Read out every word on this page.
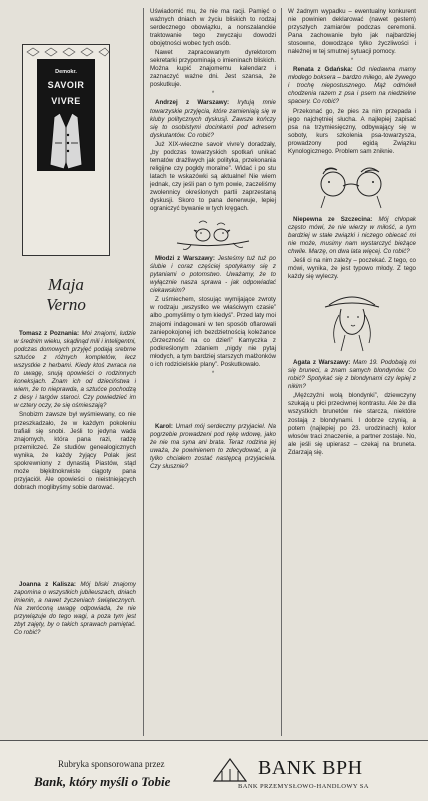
Demokr.
SAVOIR
VIVRE
Maja Verno

Tomasz z Poznania: Moi znajomi, ludzie w średnim wieku, skądinąd mili i inteligentni, podczas domowych przyjęć podają srebrne sztućce z różnych kompletów, lecz wszystkie z herbami. Kiedy ktoś zwraca na to uwagę, snują opowieści o rodzinnych koneksjach. Znam ich od dzieciństwa i wiem, że to nieprawda, a sztućce pochodzą z desy i targów staroci. Czy powiedzieć im w cztery oczy, że się ośmieszają?

Snobizm zawsze był wyśmiewany, co nie przeszkadzało, że w każdym pokoleniu trafiali się snobi. Jeśli to jedyna wada znajomych, która pana razi, radzę przemilczeć. Ze studiów genealogicznych wynika, że każdy żyjący Polak jest spokrewniony z dynastią Piastów, stąd może błękitnokrwiste ciągoty pana przyjaciół. Ale opowieści o nieistniejących dobrach moglibyśmy sobie darować.

Joanna z Kalisza: Mój bliski znajomy zapomina o wszystkich jubileuszach, dniach imienin, a nawet życzeniach świątecznych. Na zwróconą uwagę odpowiada, że nie przywiązuje do tego wagi, a poza tym jest zbyt zajęty, by o takich sprawach pamiętać. Co robić?

Uświadomić mu, że nie ma racji. Pamięć o ważnych dniach w życiu bliskich to rodzaj serdecznego obowiązku, a nonszalanckie traktowanie tego zwyczaju dowodzi obojętności wobec tych osób.

Nawet zapracowanym dyrektorom sekretarki przypominają o imieninach bliskich. Można kupić znajomemu kalendarz i zaznaczyć ważne dni. Jest szansa, że poskutkuje.

*

Andrzej z Warszawy: Irytują mnie towarzyskie przyjęcia, które zamieniają się w kluby politycznych dyskusji. Zawsze kończy się to osobistymi docinkami pod adresem dyskutantów. Co robić?

Już XIX-wieczne savoir vivre'y doradzały, „by podczas towarzyskich spotkań unikać tematów drażliwych jak polityka, przekonania religijne czy pogłdy moralne”. Widać i po stu latach te wskazówki są aktualne! Nie wiem jednak, czy jeśli pan o tym powie, zaczeliśmy zwolennicy określonych partii zaprzestaną dyskusji. Skoro to pana denerwuje, lepiej ograniczyć bywanie w tych kręgach.

Młodzi z Warszawy: Jesteśmy tuż tuż po ślubie i coraz częściej spotykamy się z pytaniami o potomstwo. Uważamy, że to wyłącznie nasza sprawa - jak odpowiadać ciekawskim?

Z uśmiechem, stosując wymijające zwroty w rodzaju „wszystko we właściwym czasie” albo „pomyślimy o tym kiedyś”. Przed laty moi znajomi indagowani w ten sposób oflarowali zaniepokojonej ich bezdzietnością koleżance „Grzeczność na co dzień” Kamyczka z podkreślonym zdaniem „nigdy nie pytaj młodych, a tym bardziej starszych małżonków o ich rodzicielskie plany”. Poskutkowało.

*

Karol: Umarł mój serdeczny przyjaciel. Na pogrzebie prowadzeni pod rękę wdowę, jako że nie ma syna ani brata. Teraz rodzina jej uważa, że powinienem to zdecydować, a ja tylko chciałem zostać następcą przyjaciela. Czy słusznie?

W żadnym wypadku – ewentualny konkurent nie powinien deklarować (nawet gestem) przyszłych zamiarów podczas ceremonii. Pana zachowanie było jak najbardziej stosowne, dowodzące tylko życzliwości i należnej w tej smutnej sytuacji pomocy.

*

Renata z Gdańska: Od niedawna mamy młodego boksera – bardzo miłego, ale żywego i trochę niepostusznego. Mąż odmówił chodzenia razem z psa i psem na niedzielne spacery. Co robić?

Przekonać go, że pies za nim przepada i jego najchętniej słucha. A najlepiej zapisać psa na trzymiesięczny, odbywający się w soboty, kurs szkolenia psa-towarzysza, prowadzony pod egidą Związku Kynologicznego. Problem sam zniknie.

Niepewna ze Szczecina: Mój chłopak często mówi, że nie wierzy w miłość, a tym bardziej w stałe związki i niczego obiecać mi nie może, musimy nam wystarczyć bieżące chwile. Marzę, on dwa lata więcej. Co robić?

Jeśli ci na nim zależy – poczekać. Z tego, co mówi, wynika, że jest typowo młody. Z tego każdy się wyleczy.

Agata z Warszawy: Mam 19. Podobają mi się bruneci, a znam samych blondynów. Co robić? Spotykać się z blondynami czy lepiej z nikim?

„Mężczyźni wolą blondynki”, dziewczyny szukają u płci przeciwnej kontrastu. Ale że dla wszystkich brunetów nie starcza, niektóre zostają z blondynami. I dobrze czynią, a potem (najlepiej po 23. urodzinach) kolor włosów traci znaczenie, a partner zostaje. No, ale jeśli się upierasz – czekaj na bruneta. Zdarzają się.

Rubryka sponsorowana przez
Bank, który myśli o Tobie
BANK BPH
BANK PRZEMYSŁOWO-HANDLOWY SA
